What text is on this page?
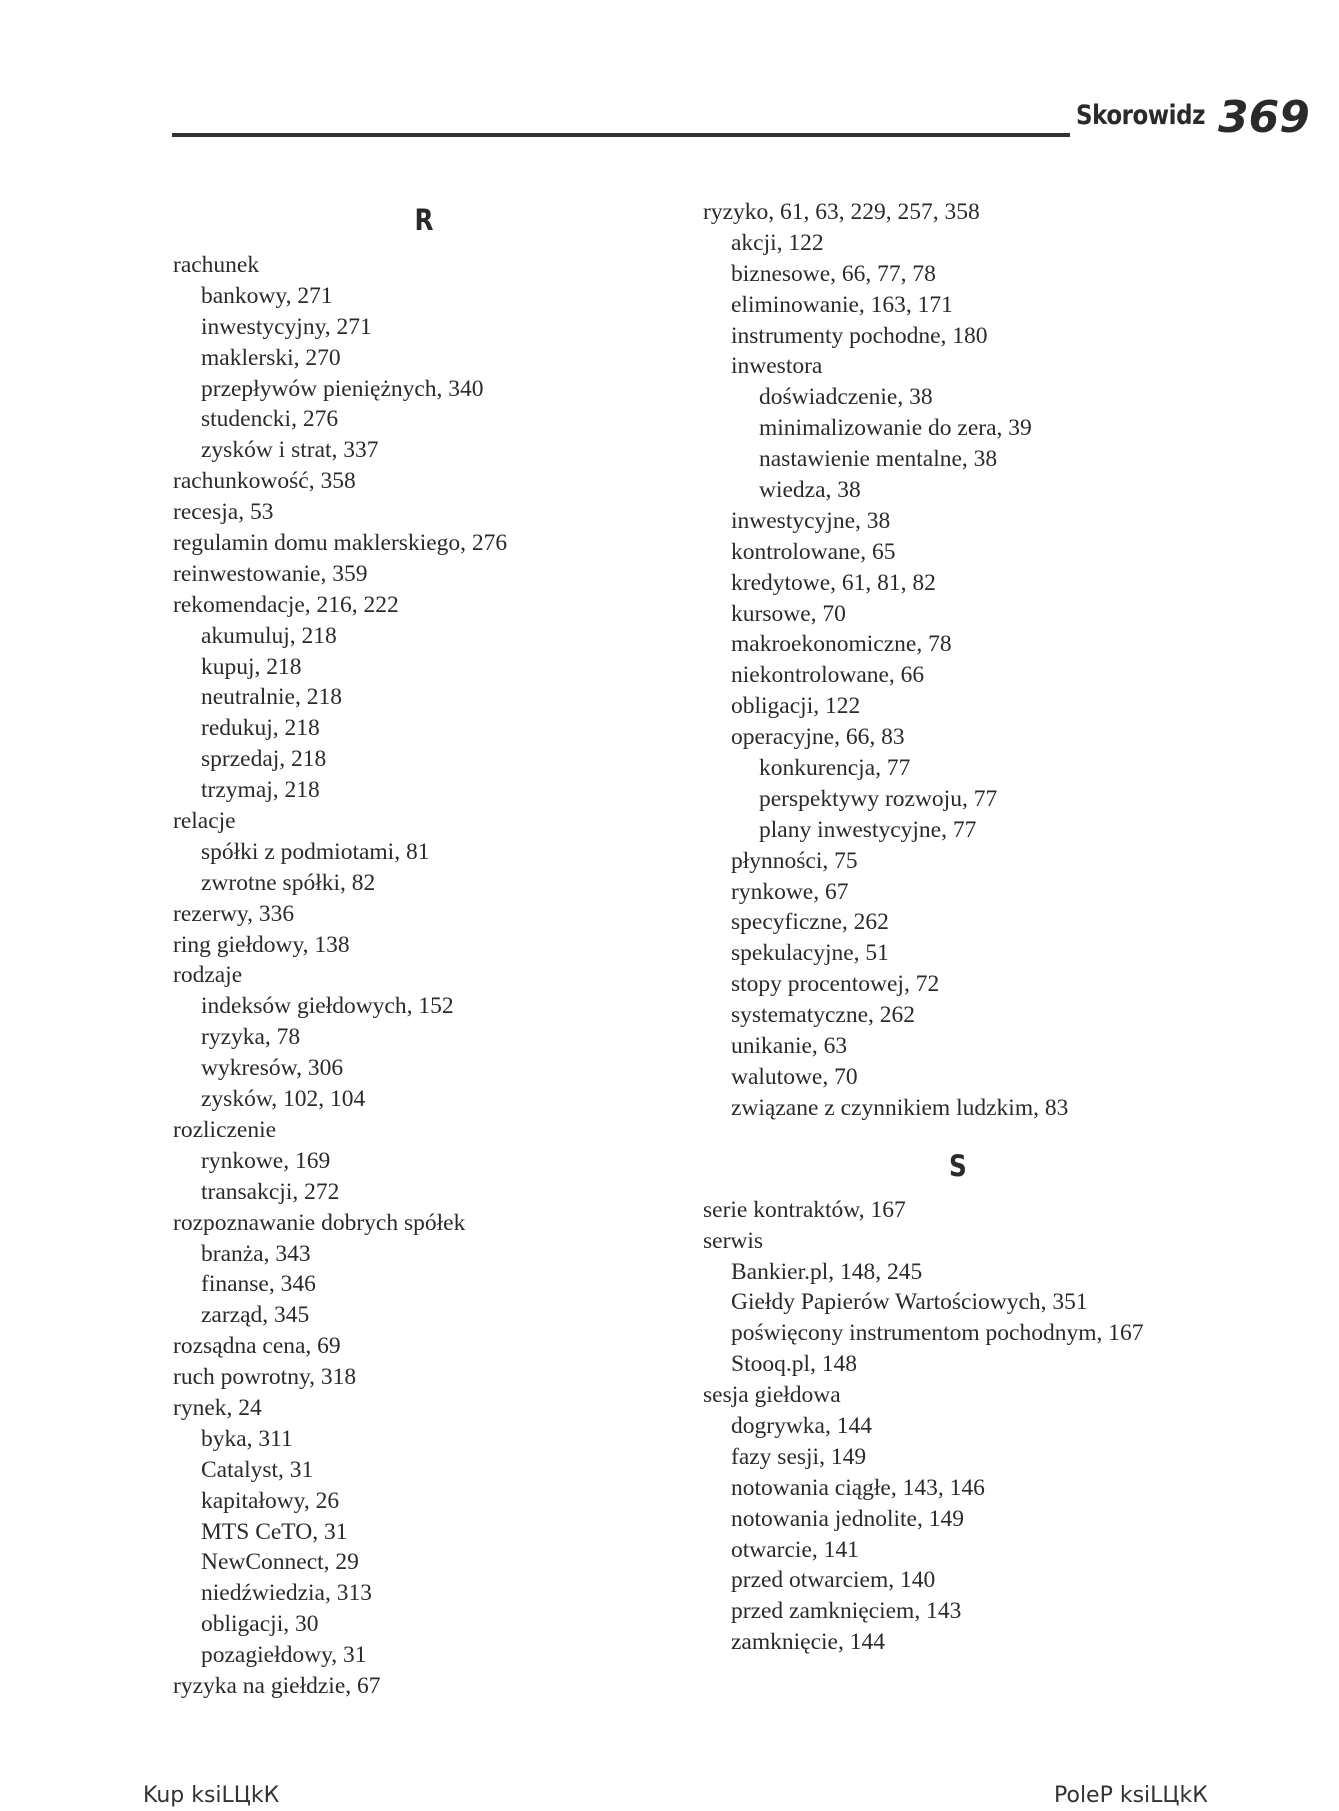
Skorowidz 369
R
rachunek
bankowy, 271
inwestycyjny, 271
maklerski, 270
przepływów pieniężnych, 340
studencki, 276
zysków i strat, 337
rachunkowość, 358
recesja, 53
regulamin domu maklerskiego, 276
reinwestowanie, 359
rekomendacje, 216, 222
akumuluj, 218
kupuj, 218
neutralnie, 218
redukuj, 218
sprzedaj, 218
trzymaj, 218
relacje
spółki z podmiotami, 81
zwrotne spółki, 82
rezerwy, 336
ring giełdowy, 138
rodzaje
indeksów giełdowych, 152
ryzyka, 78
wykresów, 306
zysków, 102, 104
rozliczenie
rynkowe, 169
transakcji, 272
rozpoznawanie dobrych spółek
branża, 343
finanse, 346
zarząd, 345
rozsądna cena, 69
ruch powrotny, 318
rynek, 24
byka, 311
Catalyst, 31
kapitałowy, 26
MTS CeTO, 31
NewConnect, 29
niedźwiedzia, 313
obligacji, 30
pozagiełdowy, 31
ryzyka na giełdzie, 67
ryzyko, 61, 63, 229, 257, 358
akcji, 122
biznesowe, 66, 77, 78
eliminowanie, 163, 171
instrumenty pochodne, 180
inwestora
doświadczenie, 38
minimalizowanie do zera, 39
nastawienie mentalne, 38
wiedza, 38
inwestycyjne, 38
kontrolowane, 65
kredytowe, 61, 81, 82
kursowe, 70
makroekonomiczne, 78
niekontrolowane, 66
obligacji, 122
operacyjne, 66, 83
konkurencja, 77
perspektywy rozwoju, 77
plany inwestycyjne, 77
płynności, 75
rynkowe, 67
specyficzne, 262
spekulacyjne, 51
stopy procentowej, 72
systematyczne, 262
unikanie, 63
walutowe, 70
związane z czynnikiem ludzkim, 83
S
serie kontraktów, 167
serwis
Bankier.pl, 148, 245
Giełdy Papierów Wartościowych, 351
poświęcony instrumentom pochodnym, 167
Stooq.pl, 148
sesja giełdowa
dogrywka, 144
fazy sesji, 149
notowania ciągłe, 143, 146
notowania jednolite, 149
otwarcie, 141
przed otwarciem, 140
przed zamknięciem, 143
zamknięcie, 144
Kup ksiLЦkК	PoleP ksiLЦkК
